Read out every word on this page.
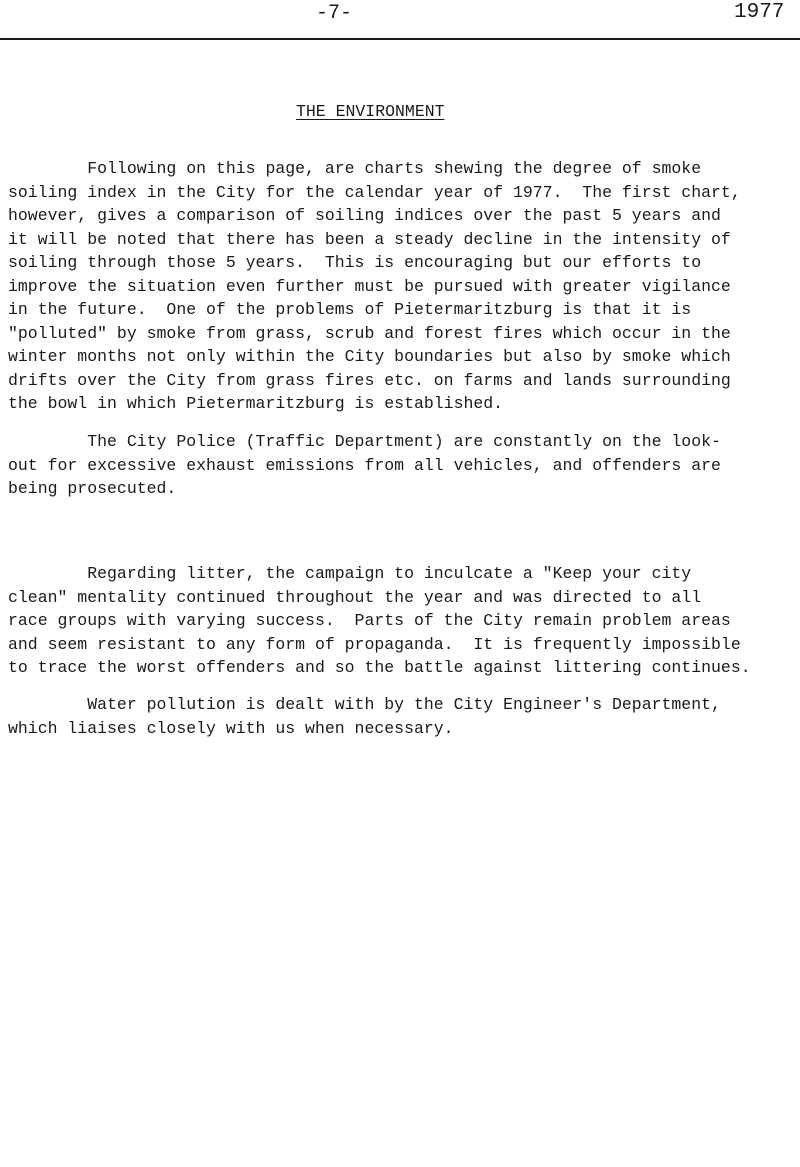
-7-	1977
THE ENVIRONMENT

Following on this page, are charts shewing the degree of smoke
soiling index in the City for the calendar year of 1977.  The first chart,
however, gives a comparison of soiling indices over the past 5 years and
it will be noted that there has been a steady decline in the intensity of
soiling through those 5 years.  This is encouraging but our efforts to
improve the situation even further must be pursued with greater vigilance
in the future.  One of the problems of Pietermaritzburg is that it is
"polluted" by smoke from grass, scrub and forest fires which occur in the
winter months not only within the City boundaries but also by smoke which
drifts over the City from grass fires etc. on farms and lands surrounding
the bowl in which Pietermaritzburg is established.

The City Police (Traffic Department) are constantly on the look-
out for excessive exhaust emissions from all vehicles, and offenders are
being prosecuted.

Regarding litter, the campaign to inculcate a "Keep your city
clean" mentality continued throughout the year and was directed to all
race groups with varying success.  Parts of the City remain problem areas
and seem resistant to any form of propaganda.  It is frequently impossible
to trace the worst offenders and so the battle against littering continues.

Water pollution is dealt with by the City Engineer's Department,
which liaises closely with us when necessary.
